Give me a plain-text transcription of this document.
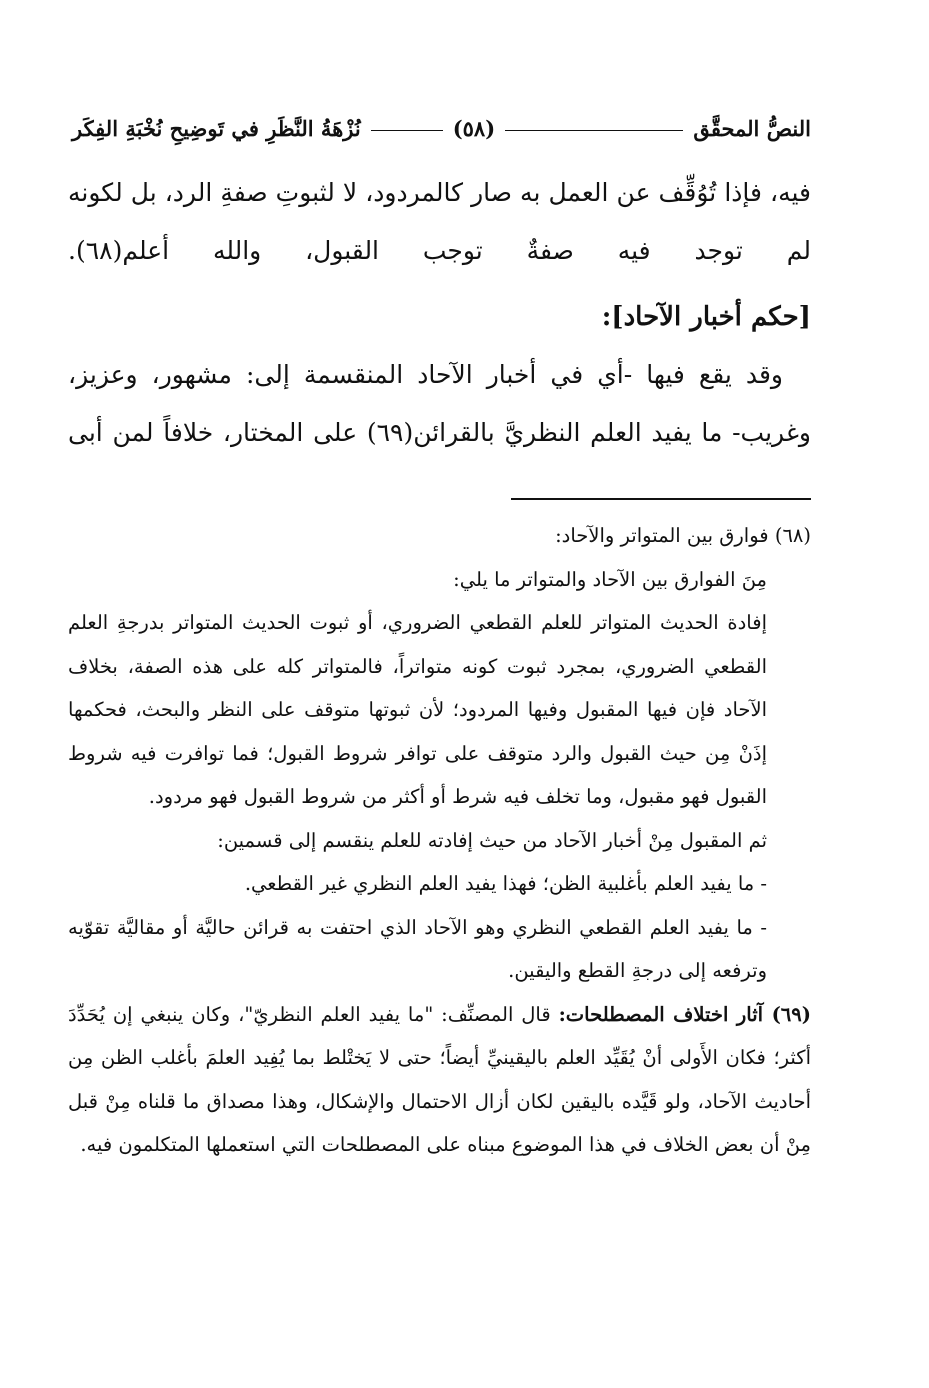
النصُّ المحقَّق
(٥٨)
نُزْهَةُ النَّظَرِ في تَوضِيحِ نُخْبَةِ الفِكَر

فيه، فإذا تُوُقِّف عن العمل به صار كالمردود، لا لثبوتِ صفةِ الرد، بل لكونه لم توجد فيه صفةٌ توجب القبول، والله أعلم(٦٨).

[حكم أخبار الآحاد]:

وقد يقع فيها -أي في أخبار الآحاد المنقسمة إلى: مشهور، وعزيز، وغريب- ما يفيد العلم النظريَّ بالقرائن(٦٩) على المختار، خلافاً لمن أبى

(٦٨) فوارق بين المتواتر والآحاد:

مِنَ الفوارق بين الآحاد والمتواتر ما يلي:

إفادة الحديث المتواتر للعلم القطعي الضروري، أو ثبوت الحديث المتواتر بدرجةِ العلم القطعي الضروري، بمجرد ثبوت كونه متواتراً، فالمتواتر كله على هذه الصفة، بخلاف الآحاد فإن فيها المقبول وفيها المردود؛ لأن ثبوتها متوقف على النظر والبحث، فحكمها إذَنْ مِن حيث القبول والرد متوقف على توافر شروط القبول؛ فما توافرت فيه شروط القبول فهو مقبول، وما تخلف فيه شرط أو أكثر من شروط القبول فهو مردود.

ثم المقبول مِنْ أخبار الآحاد من حيث إفادته للعلم ينقسم إلى قسمين:

- ما يفيد العلم بأغلبية الظن؛ فهذا يفيد العلم النظري غير القطعي.

- ما يفيد العلم القطعي النظري وهو الآحاد الذي احتفت به قرائن حاليَّة أو مقاليَّة تقوّيه وترفعه إلى درجةِ القطع واليقين.

(٦٩) آثار اختلاف المصطلحات: قال المصنِّف: "ما يفيد العلم النظريّ"، وكان ينبغي إن يُحَدِّدَ أكثر؛ فكان الأَولى أنْ يُقَيِّد العلم باليقينيِّ أيضاً؛ حتى لا يَختْلط بما يُفِيد العلمَ بأغلب الظن مِن أحاديث الآحاد، ولو قَيَّده باليقين لكان أزال الاحتمال والإشكال، وهذا مصداق ما قلناه مِنْ قبل مِنْ أن بعض الخلاف في هذا الموضوع مبناه على المصطلحات التي استعملها المتكلمون فيه.
